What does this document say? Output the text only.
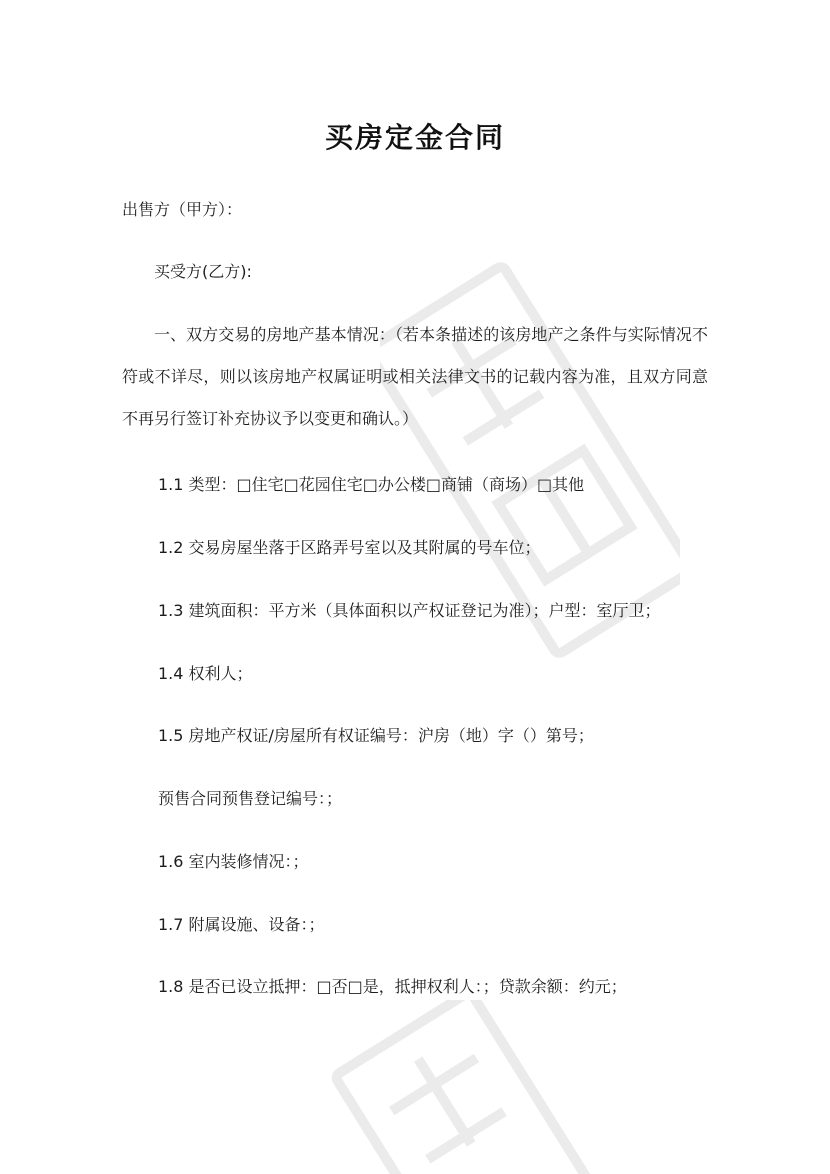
买房定金合同
出售方（甲方）：
买受方(乙方):
一、双方交易的房地产基本情况：（若本条描述的该房地产之条件与实际情况不符或不详尽，则以该房地产权属证明或相关法律文书的记载内容为准，且双方同意不再另行签订补充协议予以变更和确认。）
1.1 类型：□住宅□花园住宅□办公楼□商铺（商场）□其他
1.2 交易房屋坐落于区路弄号室以及其附属的号车位；
1.3 建筑面积：平方米（具体面积以产权证登记为准）；户型：室厅卫；
1.4 权利人；
1.5 房地产权证/房屋所有权证编号：沪房（地）字（）第号；
预售合同预售登记编号：；
1.6 室内装修情况：；
1.7 附属设施、设备：；
1.8 是否已设立抵押：□否□是，抵押权利人：；贷款余额：约元；
